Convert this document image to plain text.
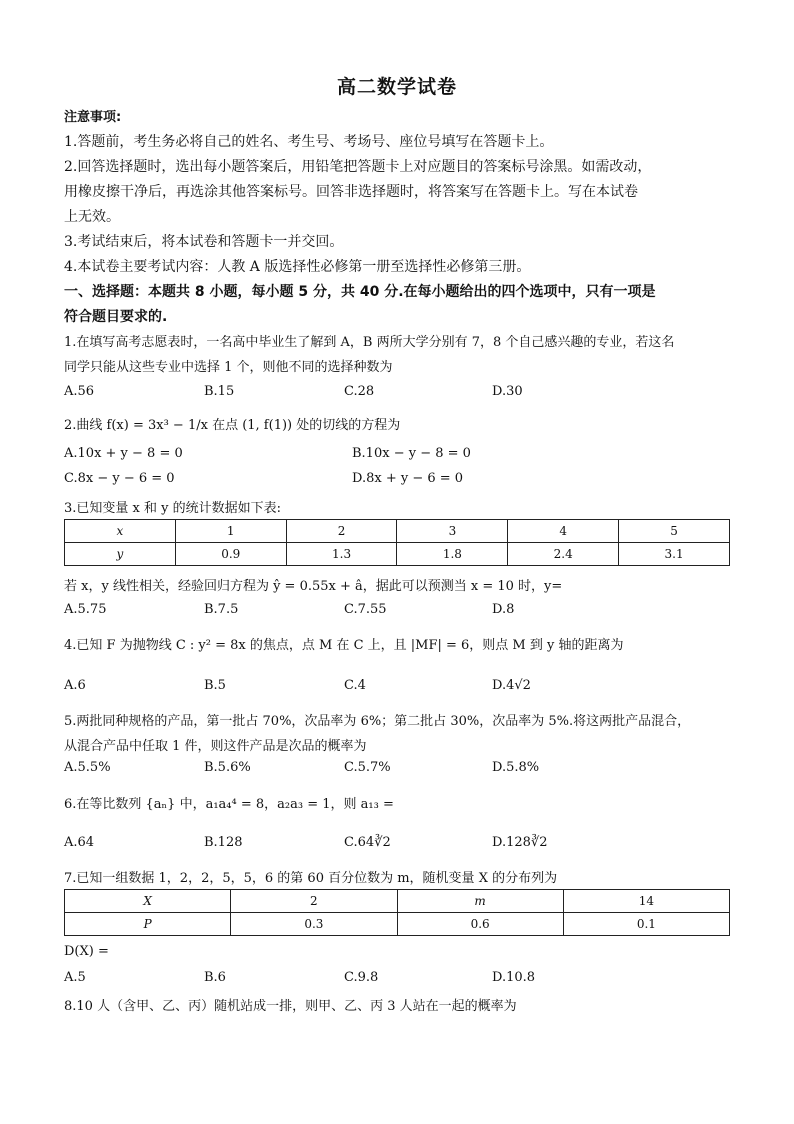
高二数学试卷
注意事项:
1.答题前，考生务必将自己的姓名、考生号、考场号、座位号填写在答题卡上。
2.回答选择题时，选出每小题答案后，用铅笔把答题卡上对应题目的答案标号涂黑。如需改动，
用橡皮擦干净后，再选涂其他答案标号。回答非选择题时，将答案写在答题卡上。写在本试卷
上无效。
3.考试结束后，将本试卷和答题卡一并交回。
4.本试卷主要考试内容：人教 A 版选择性必修第一册至选择性必修第三册。
一、选择题：本题共 8 小题，每小题 5 分，共 40 分.在每小题给出的四个选项中，只有一项是
符合题目要求的.
1.在填写高考志愿表时，一名高中毕业生了解到 A，B 两所大学分别有 7，8 个自己感兴趣的专业，若这名
同学只能从这些专业中选择 1 个，则他不同的选择种数为
A.56	B.15	C.28	D.30
2.曲线 f(x) = 3x³ − 1/x 在点 (1, f(1)) 处的切线的方程为
A.10x + y − 8 = 0	B.10x − y − 8 = 0
C.8x − y − 6 = 0	D.8x + y − 6 = 0
3.已知变量 x 和 y 的统计数据如下表:
x	1	2	3	4	5
y	0.9	1.3	1.8	2.4	3.1
若 x，y 线性相关，经验回归方程为 ŷ = 0.55x + â，据此可以预测当 x = 10 时，y=
A.5.75	B.7.5	C.7.55	D.8
4.已知 F 为抛物线 C : y² = 8x 的焦点，点 M 在 C 上，且 |MF| = 6，则点 M 到 y 轴的距离为
A.6	B.5	C.4	D.4√2
5.两批同种规格的产品，第一批占 70%，次品率为 6%；第二批占 30%，次品率为 5%.将这两批产品混合，
从混合产品中任取 1 件，则这件产品是次品的概率为
A.5.5%	B.5.6%	C.5.7%	D.5.8%
6.在等比数列 {aₙ} 中，a₁a₄⁴ = 8，a₂a₃ = 1，则 a₁₃ =
A.64	B.128	C.64∛2	D.128∛2
7.已知一组数据 1，2，2，5，5，6 的第 60 百分位数为 m，随机变量 X 的分布列为
X	2	m	14
P	0.3	0.6	0.1
D(X) =
A.5	B.6	C.9.8	D.10.8
8.10 人（含甲、乙、丙）随机站成一排，则甲、乙、丙 3 人站在一起的概率为
